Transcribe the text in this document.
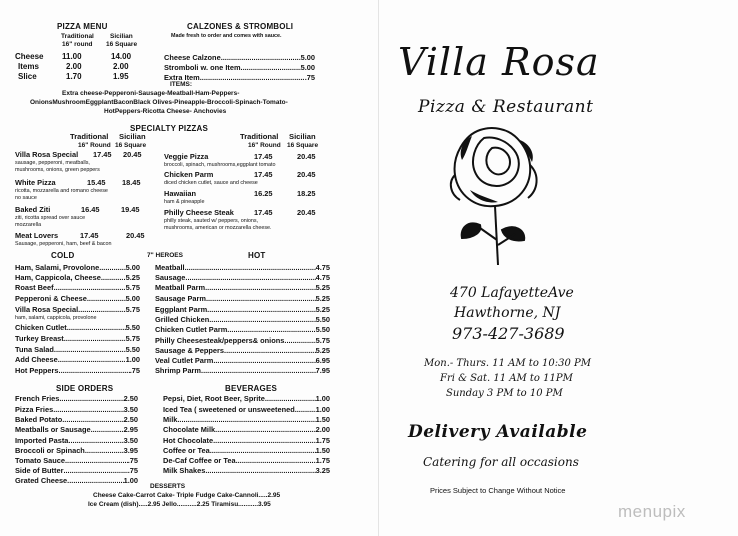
PIZZA MENU
Traditional Sicilian
16" round 16 Square
Cheese 11.00	14.00
Items	2.00	2.00
Slice	1.70	1.95
ITEMS:
Extra cheese-Pepperoni-Sausage-Meatball-Ham-Peppers-
OnionsMushroomEggplantBaconBlack Olives-Pineapple-Broccoli-Spinach-Tomato-
HotPeppers-Ricotta Cheese- Anchovies
CALZONES & STROMBOLI
Made fresh to order and comes with sauce.
Cheese Calzone .....	5.00
Stromboli w. one Item .....	5.00
Extra Item .....	.75
SPECIALTY PIZZAS
Traditional Sicilian
16" Round 16 Square
Traditional Sicilian
16" Round 16 Square
Villa Rosa Special 17.45 20.45
sausage, pepperoni, meatballs,
mushrooms, onions, green peppers
White Pizza	15.45 18.45
ricotta, mozzarella and romano cheese
no sauce
Baked Ziti	16.45	19.45
ziti, ricotta spread over sauce
mozzarella
Meat Lovers	17.45	20.45
Sausage, pepperoni, ham, beef & bacon
Veggie Pizza	17.45	20.45
broccoli, spinach, mushrooms,eggplant tomato
Chicken Parm	17.45	20.45
diced chicken cutlet, sauce and cheese
Hawaiian	16.25	18.25
ham & pineapple
Philly Cheese Steak	17.45	20.45
philly steak, sauted w/ peppers, onions,
mushrooms, american or mozzarella cheese.
COLD	7" HEROES	HOT
Ham, Salami, Provolone .....	5.00
Ham, Cappicola, Cheese .....	5.25
Roast Beef .....	5.75
Pepperoni & Cheese .....	5.00
Villa Rosa Special .....	5.75
ham, salami, cappicola, provolone
Chicken Cutlet .....	5.50
Turkey Breast .....	5.75
Tuna Salad .....	5.50
Add Cheese .....	1.00
Hot Peppers .....	.75
Meatball .....	4.75
Sausage .....	4.75
Meatball Parm .....	5.25
Sausage Parm .....	5.25
Eggplant Parm .....	5.25
Grilled Chicken .....	5.50
Chicken Cutlet Parm .....	5.50
Philly Cheesesteak/peppers& onions .....	5.75
Sausage & Peppers .....	5.25
Veal Cutlet Parm .....	6.95
Shrimp Parm .....	7.95
SIDE ORDERS
French Fries .....	2.50
Pizza Fries .....	3.50
Baked Potato .....	2.50
Meatballs or Sausage .....	2.95
Imported Pasta .....	3.50
Broccoli or Spinach .....	3.95
Tomato Sauce .....	.75
Side of Butter .....	.75
Grated Cheese .....	1.00
BEVERAGES
Pepsi, Diet, Root Beer, Sprite .....	1.00
Iced Tea ( sweetened or unsweetened .....	1.00
Milk .....	1.50
Chocolate Milk .....	2.00
Hot Chocolate .....	1.75
Coffee or Tea .....	1.50
De-Caf Coffee or Tea .....	1.75
Milk Shakes .....	3.25
DESSERTS
Cheese Cake-Carrot Cake- Triple Fudge Cake-Cannoli.....2.95
Ice Cream (dish).....2.95 Jello...........2.25 Tiramisu...........3.95
Villa Rosa
Pizza & Restaurant
470 LafayetteAve
Hawthorne, NJ
973-427-3689
Mon.- Thurs. 11 AM to 10:30 PM
Fri & Sat. 11 AM to 11PM
Sunday 3 PM to 10 PM
Delivery Available
Catering for all occasions
Prices Subject to Change Without Notice
menupix
